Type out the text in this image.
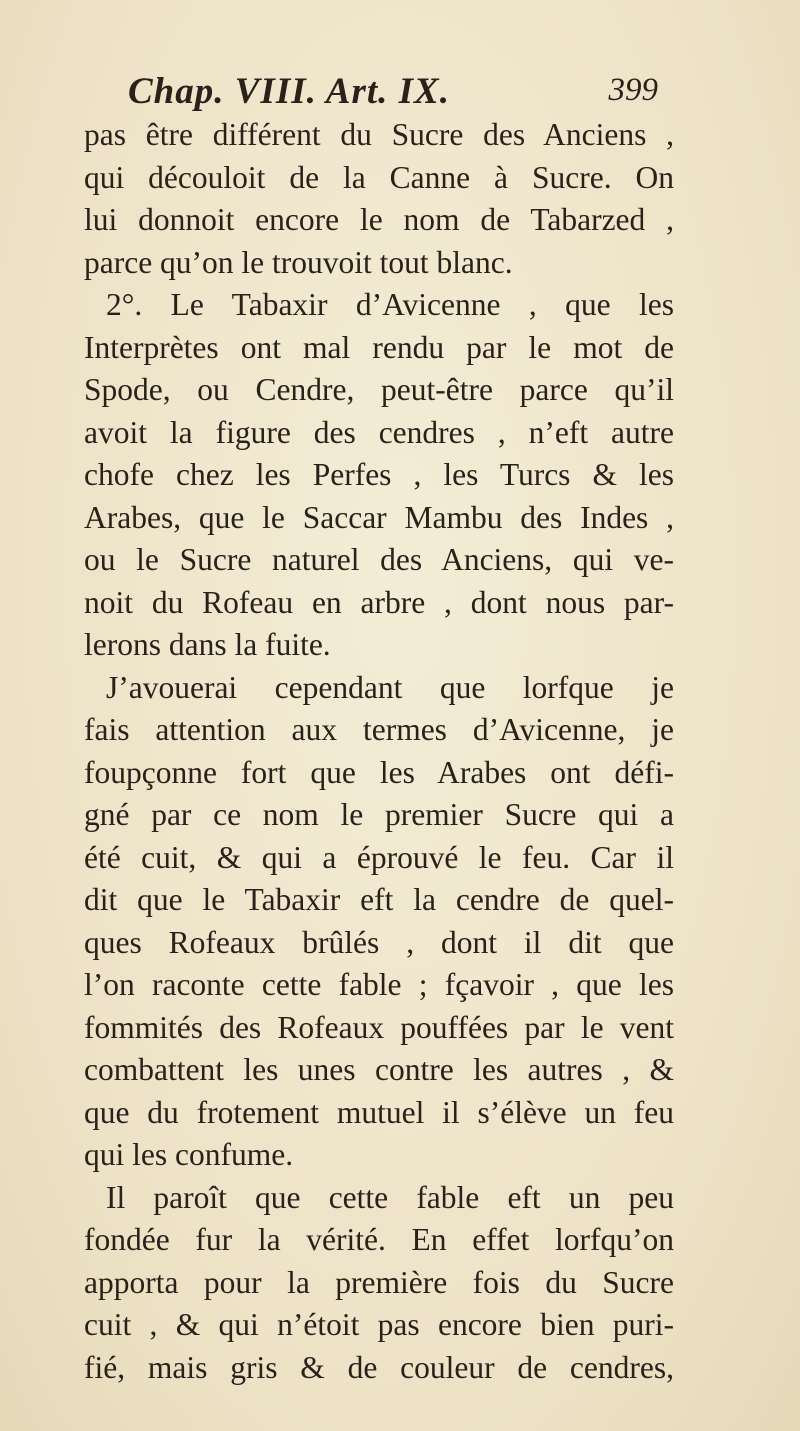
Chap. VIII. Art. IX.	399
pas être différent du Sucre des Anciens ,
qui découloit de la Canne à Sucre. On
lui donnoit encore le nom de Tabarzed ,
parce qu’on le trouvoit tout blanc.
2°. Le Tabaxir d’Avicenne , que les
Interprètes ont mal rendu par le mot de
Spode, ou Cendre, peut-être parce qu’il
avoit la figure des cendres , n’eft autre
chofe chez les Perfes , les Turcs & les
Arabes, que le Saccar Mambu des Indes ,
ou le Sucre naturel des Anciens, qui ve-
noit du Rofeau en arbre , dont nous par-
lerons dans la fuite.
J’avouerai cependant que lorfque je
fais attention aux termes d’Avicenne, je
foupçonne fort que les Arabes ont défi-
gné par ce nom le premier Sucre qui a
été cuit, & qui a éprouvé le feu. Car il
dit que le Tabaxir eft la cendre de quel-
ques Rofeaux brûlés , dont il dit que
l’on raconte cette fable ; fçavoir , que les
fommités des Rofeaux pouffées par le vent
combattent les unes contre les autres , &
que du frotement mutuel il s’élève un feu
qui les confume.
Il paroît que cette fable eft un peu
fondée fur la vérité. En effet lorfqu’on
apporta pour la première fois du Sucre
cuit , & qui n’étoit pas encore bien puri-
fié, mais gris & de couleur de cendres,
